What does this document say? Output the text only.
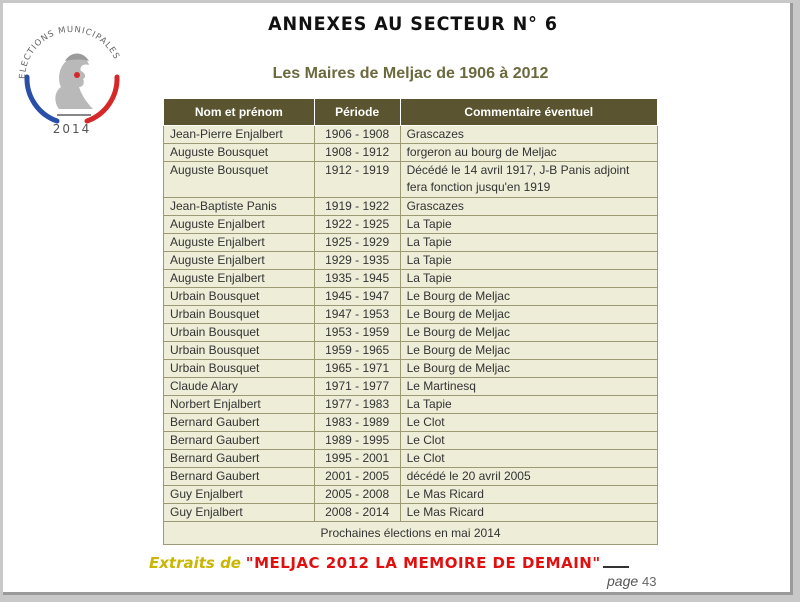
ELECTIONS MUNICIPALES
2014
ANNEXES AU SECTEUR N° 6
Les Maires de Meljac de 1906 à 2012
Nom et prénom	Période	Commentaire éventuel
Jean-Pierre Enjalbert	1906 - 1908	Grascazes
Auguste Bousquet	1908 - 1912	forgeron au bourg de Meljac
Auguste Bousquet	1912 - 1919	Décédé le 14 avril 1917, J-B Panis adjoint fera fonction jusqu'en 1919
Jean-Baptiste Panis	1919 - 1922	Grascazes
Auguste Enjalbert	1922 - 1925	La Tapie
Auguste Enjalbert	1925 - 1929	La Tapie
Auguste Enjalbert	1929 - 1935	La Tapie
Auguste Enjalbert	1935 - 1945	La Tapie
Urbain Bousquet	1945 - 1947	Le Bourg de Meljac
Urbain Bousquet	1947 - 1953	Le Bourg de Meljac
Urbain Bousquet	1953 - 1959	Le Bourg de Meljac
Urbain Bousquet	1959 - 1965	Le Bourg de Meljac
Urbain Bousquet	1965 - 1971	Le Bourg de Meljac
Claude Alary	1971 - 1977	Le Martinesq
Norbert Enjalbert	1977 - 1983	La Tapie
Bernard Gaubert	1983 - 1989	Le Clot
Bernard Gaubert	1989 - 1995	Le Clot
Bernard Gaubert	1995 - 2001	Le Clot
Bernard Gaubert	2001 - 2005	décédé le 20 avril 2005
Guy Enjalbert	2005 - 2008	Le Mas Ricard
Guy Enjalbert	2008 - 2014	Le Mas Ricard
Prochaines élections en mai 2014		
Extraits de "MELJAC 2012 LA MEMOIRE DE DEMAIN"
page 43
